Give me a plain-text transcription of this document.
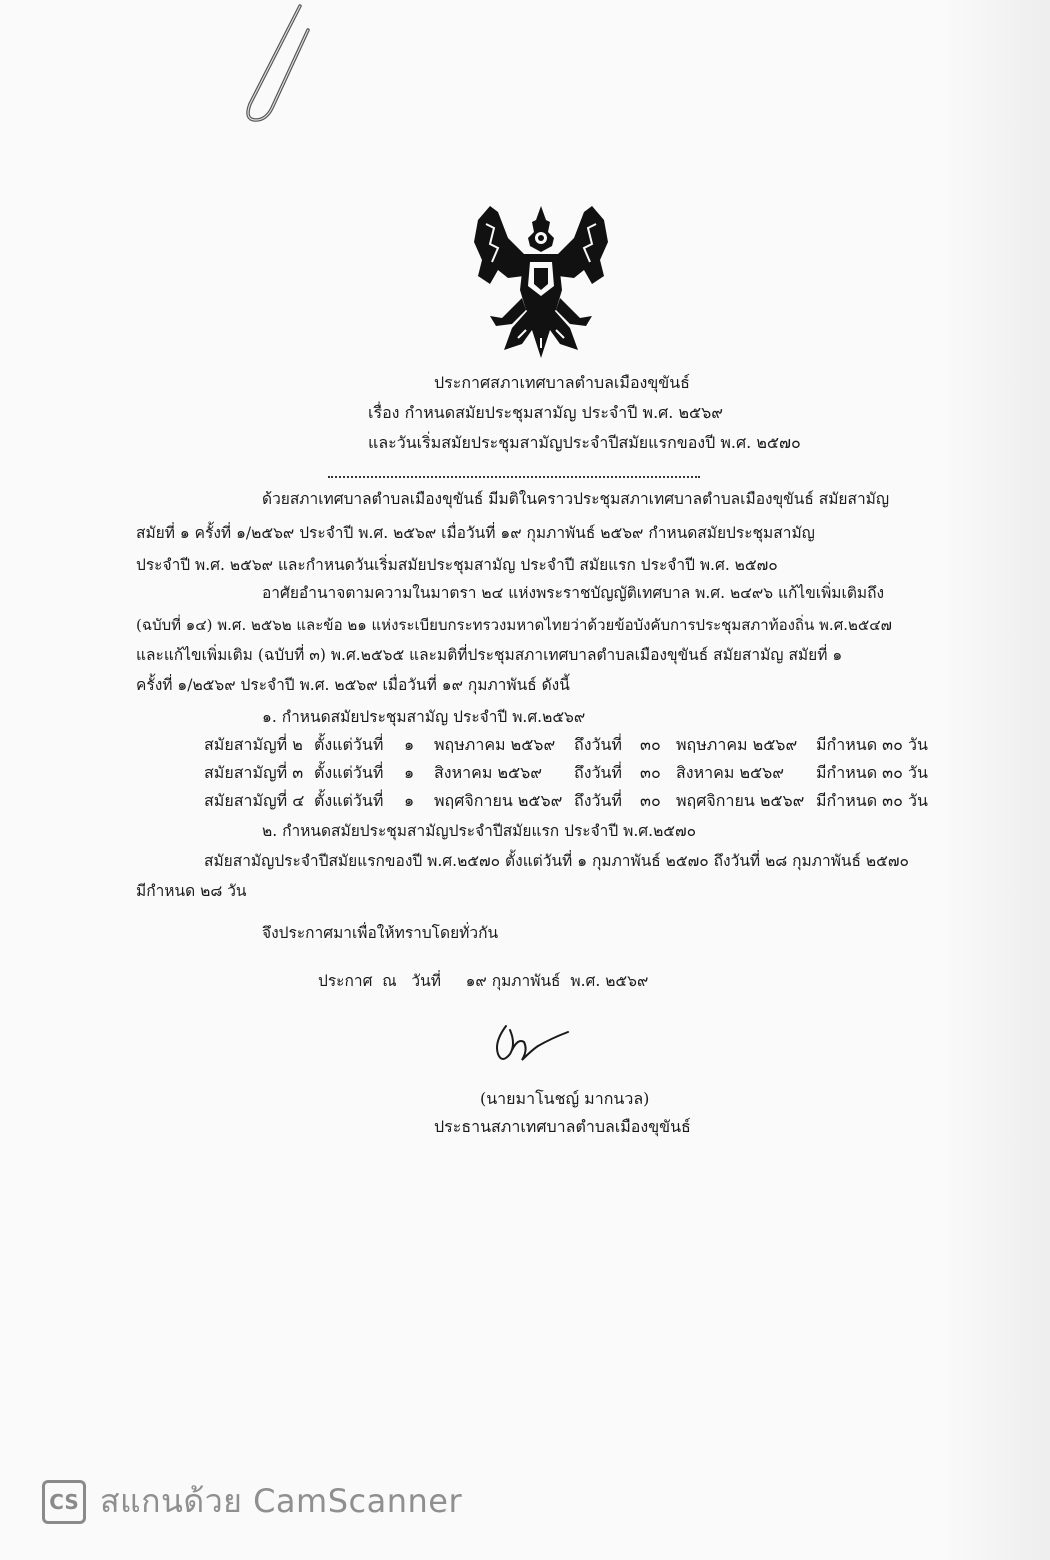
ประกาศสภาเทศบาลตำบลเมืองขุขันธ์
เรื่อง กำหนดสมัยประชุมสามัญ ประจำปี พ.ศ. ๒๕๖๙
และวันเริ่มสมัยประชุมสามัญประจำปีสมัยแรกของปี พ.ศ. ๒๕๗๐
ด้วยสภาเทศบาลตำบลเมืองขุขันธ์ มีมติในคราวประชุมสภาเทศบาลตำบลเมืองขุขันธ์ สมัยสามัญ
สมัยที่ ๑ ครั้งที่ ๑/๒๕๖๙ ประจำปี พ.ศ. ๒๕๖๙ เมื่อวันที่ ๑๙ กุมภาพันธ์ ๒๕๖๙ กำหนดสมัยประชุมสามัญ
ประจำปี พ.ศ. ๒๕๖๙ และกำหนดวันเริ่มสมัยประชุมสามัญ ประจำปี สมัยแรก ประจำปี พ.ศ. ๒๕๗๐
อาศัยอำนาจตามความในมาตรา ๒๔ แห่งพระราชบัญญัติเทศบาล พ.ศ. ๒๔๙๖ แก้ไขเพิ่มเติมถึง
(ฉบับที่ ๑๔) พ.ศ. ๒๕๖๒ และข้อ ๒๑ แห่งระเบียบกระทรวงมหาดไทยว่าด้วยข้อบังคับการประชุมสภาท้องถิ่น พ.ศ.๒๕๔๗
และแก้ไขเพิ่มเติม (ฉบับที่ ๓) พ.ศ.๒๕๖๕ และมติที่ประชุมสภาเทศบาลตำบลเมืองขุขันธ์ สมัยสามัญ สมัยที่ ๑
ครั้งที่ ๑/๒๕๖๙ ประจำปี พ.ศ. ๒๕๖๙ เมื่อวันที่ ๑๙ กุมภาพันธ์ ดังนี้
๑. กำหนดสมัยประชุมสามัญ ประจำปี พ.ศ.๒๕๖๙
สมัยสามัญที่ ๒ ตั้งแต่วันที่ ๑ พฤษภาคม ๒๕๖๙ ถึงวันที่ ๓๐ พฤษภาคม ๒๕๖๙ มีกำหนด ๓๐ วัน
สมัยสามัญที่ ๓ ตั้งแต่วันที่ ๑ สิงหาคม ๒๕๖๙ ถึงวันที่ ๓๐ สิงหาคม ๒๕๖๙ มีกำหนด ๓๐ วัน
สมัยสามัญที่ ๔ ตั้งแต่วันที่ ๑ พฤศจิกายน ๒๕๖๙ ถึงวันที่ ๓๐ พฤศจิกายน ๒๕๖๙ มีกำหนด ๓๐ วัน
๒. กำหนดสมัยประชุมสามัญประจำปีสมัยแรก ประจำปี พ.ศ.๒๕๗๐
สมัยสามัญประจำปีสมัยแรกของปี พ.ศ.๒๕๗๐ ตั้งแต่วันที่ ๑ กุมภาพันธ์ ๒๕๗๐ ถึงวันที่ ๒๘ กุมภาพันธ์ ๒๕๗๐
มีกำหนด ๒๘ วัน
จึงประกาศมาเพื่อให้ทราบโดยทั่วกัน
ประกาศ  ณ   วันที่     ๑๙ กุมภาพันธ์  พ.ศ. ๒๕๖๙
(นายมาโนชญ์ มากนวล)
ประธานสภาเทศบาลตำบลเมืองขุขันธ์
CS สแกนด้วย CamScanner
